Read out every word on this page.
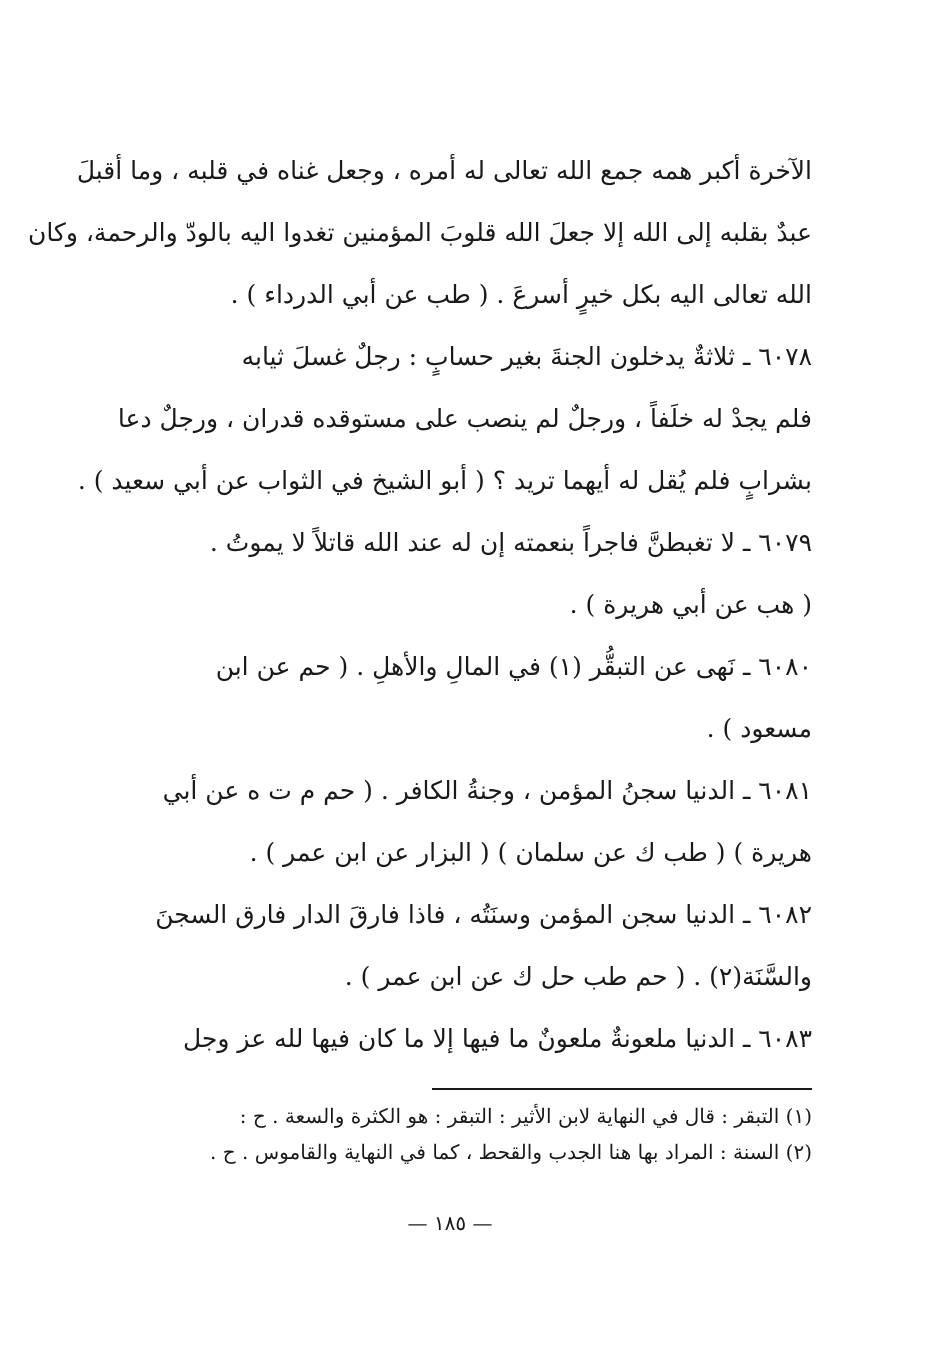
الآخرة أكبر همه جمع الله تعالى له أمره ، وجعل غناه في قلبه ، وما أقبلَ
عبدٌ بقلبه إلى الله إلا جعلَ الله قلوبَ المؤمنين تغدوا اليه بالودّ والرحمة، وكان
الله تعالى اليه بكل خيرٍ أسرعَ . ( طب عن أبي الدرداء ) .
٦٠٧٨ ـ ثلاثةٌ يدخلون الجنةَ بغير حسابٍ : رجلٌ غسلَ ثيابه
فلم يجدْ له خلَفاً ، ورجلٌ لم ينصب على مستوقده قدران ، ورجلٌ دعا
بشرابٍ فلم يُقل له أيهما تريد ؟ ( أبو الشيخ في الثواب عن أبي سعيد ) .
٦٠٧٩ ـ لا تغبطنَّ فاجراً بنعمته إن له عند الله قاتلاً لا يموتُ .
( هب عن أبي هريرة ) .
٦٠٨٠ ـ نَهى عن التبقُّر (١) في المالِ والأهلِ . ( حم عن ابن
مسعود ) .
٦٠٨١ ـ الدنيا سجنُ المؤمن ، وجنةُ الكافر . ( حم م ت ه عن أبي
هريرة ) ( طب ك عن سلمان ) ( البزار عن ابن عمر ) .
٦٠٨٢ ـ الدنيا سجن المؤمن وسنَتُه ، فاذا فارقَ الدار فارق السجنَ
والسَّنَة(٢) . ( حم طب حل ك عن ابن عمر ) .
٦٠٨٣ ـ الدنيا ملعونةٌ ملعونٌ ما فيها إلا ما كان فيها لله عز وجل
(١) التبقر : قال في النهاية لابن الأثير : التبقر : هو الكثرة والسعة . ح :
(٢) السنة : المراد بها هنا الجدب والقحط ، كما في النهاية والقاموس . ح .
— ١٨٥ —
